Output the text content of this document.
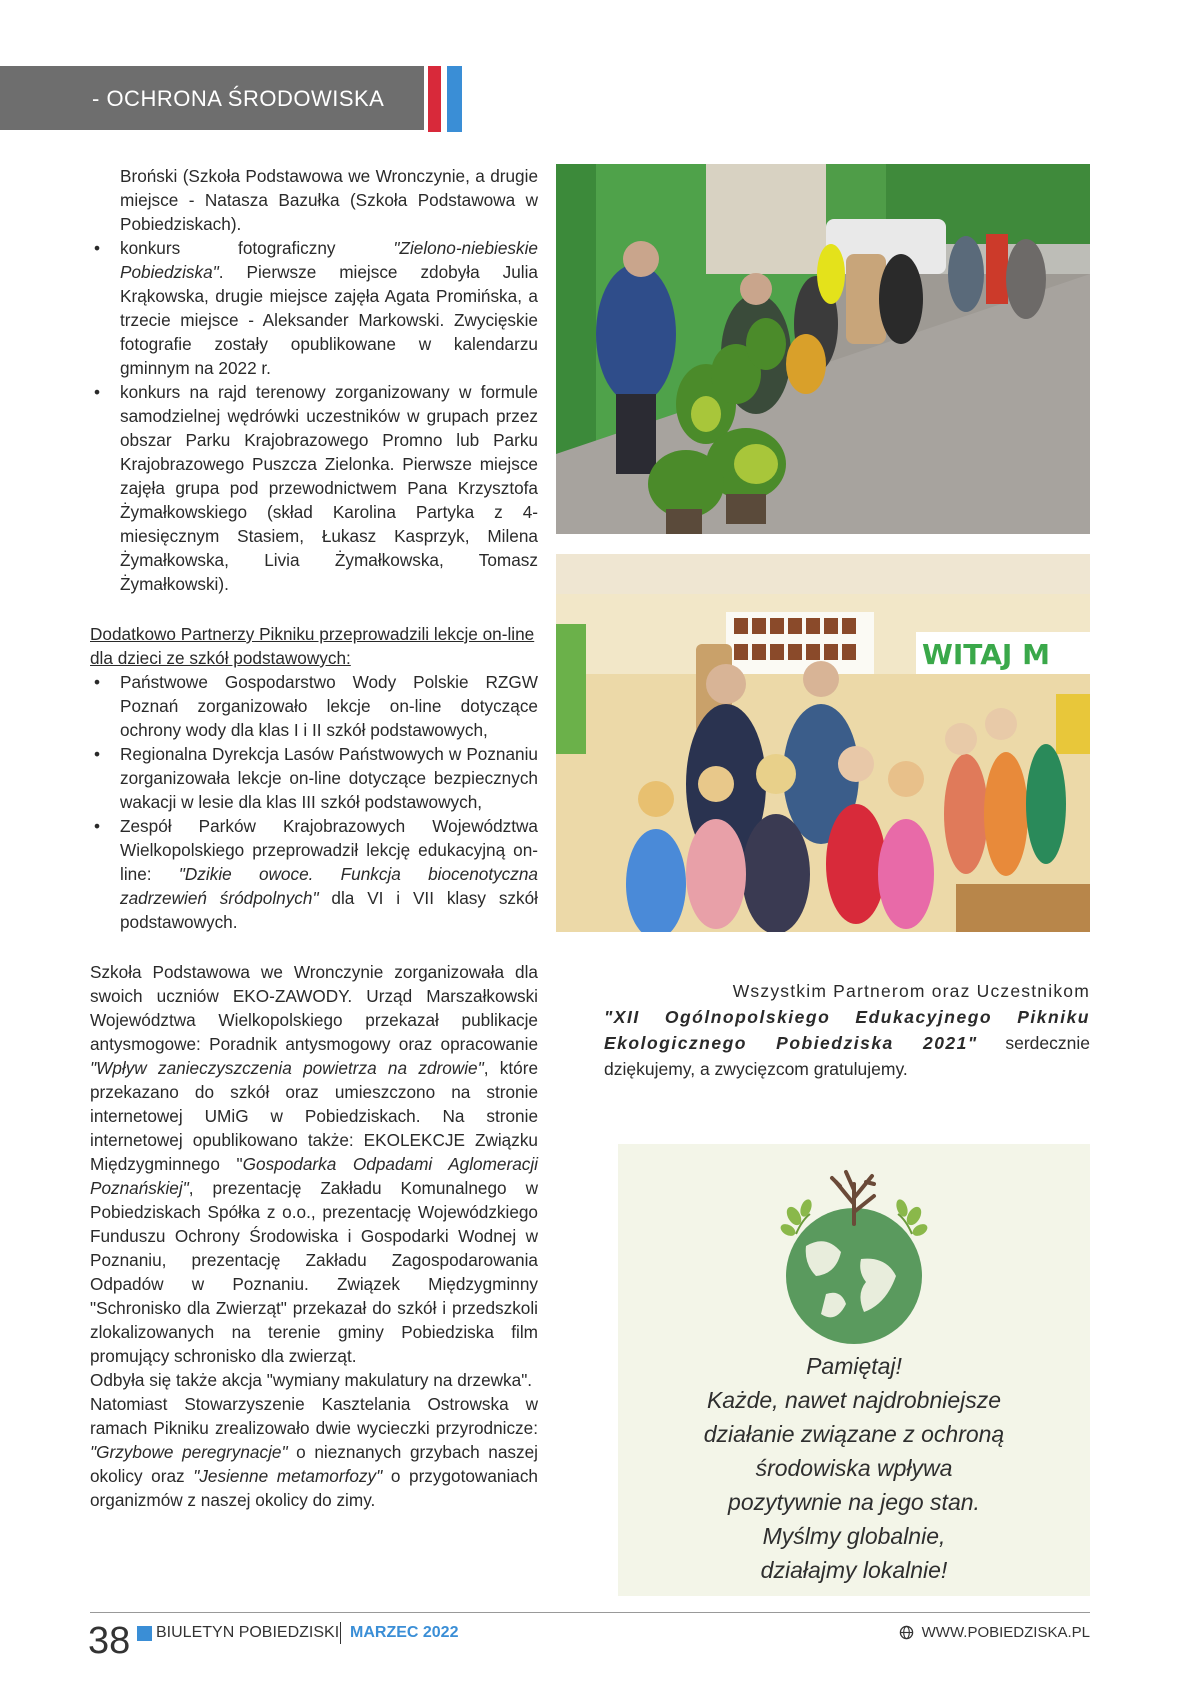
- OCHRONA ŚRODOWISKA

Broński (Szkoła Podstawowa we Wronczynie, a drugie miejsce - Natasza Bazułka (Szkoła Podstawowa w Pobiedziskach).

• konkurs fotograficzny "Zielono-niebieskie Pobiedziska". Pierwsze miejsce zdobyła Julia Krąkowska, drugie miejsce zajęła Agata Promińska, a trzecie miejsce - Aleksander Markowski. Zwycięskie fotografie zostały opublikowane w kalendarzu gminnym na 2022 r.

• konkurs na rajd terenowy zorganizowany w formule samodzielnej wędrówki uczestników w grupach przez obszar Parku Krajobrazowego Promno lub Parku Krajobrazowego Puszcza Zielonka. Pierwsze miejsce zajęła grupa pod przewodnictwem Pana Krzysztofa Żymałkowskiego (skład Karolina Partyka z 4-miesięcznym Stasiem, Łukasz Kasprzyk, Milena Żymałkowska, Livia Żymałkowska, Tomasz Żymałkowski).

Dodatkowo Partnerzy Pikniku przeprowadzili lekcje on-line dla dzieci ze szkół podstawowych:

• Państwowe Gospodarstwo Wody Polskie RZGW Poznań zorganizowało lekcje on-line dotyczące ochrony wody dla klas I i II szkół podstawowych,

• Regionalna Dyrekcja Lasów Państwowych w Poznaniu zorganizowała lekcje on-line dotyczące bezpiecznych wakacji w lesie dla klas III szkół podstawowych,

• Zespół Parków Krajobrazowych Województwa Wielkopolskiego przeprowadził lekcję edukacyjną on-line: "Dzikie owoce. Funkcja biocenotyczna zadrzewień śródpolnych" dla VI i VII klasy szkół podstawowych.

Szkoła Podstawowa we Wronczynie zorganizowała dla swoich uczniów EKO-ZAWODY. Urząd Marszałkowski Województwa Wielkopolskiego przekazał publikacje antysmogowe: Poradnik antysmogowy oraz opracowanie "Wpływ zanieczyszczenia powietrza na zdrowie", które przekazano do szkół oraz umieszczono na stronie internetowej UMiG w Pobiedziskach. Na stronie internetowej opublikowano także: EKOLEKCJE Związku Międzygminnego "Gospodarka Odpadami Aglomeracji Poznańskiej", prezentację Zakładu Komunalnego w Pobiedziskach Spółka z o.o., prezentację Wojewódzkiego Funduszu Ochrony Środowiska i Gospodarki Wodnej w Poznaniu, prezentację Zakładu Zagospodarowania Odpadów w Poznaniu. Związek Międzygminny "Schronisko dla Zwierząt" przekazał do szkół i przedszkoli zlokalizowanych na terenie gminy Pobiedziska film promujący schronisko dla zwierząt.

Odbyła się także akcja "wymiany makulatury na drzewka".

Natomiast Stowarzyszenie Kasztelania Ostrowska w ramach Pikniku zrealizowało dwie wycieczki przyrodnicze: "Grzybowe peregrynacje" o nieznanych grzybach naszej okolicy oraz "Jesienne metamorfozy" o przygotowaniach organizmów z naszej okolicy do zimy.

WITAJ M
Wszystkim Partnerom oraz Uczestnikom
"XII Ogólnopolskiego Edukacyjnego Pikniku Ekologicznego Pobiedziska 2021" serdecznie dziękujemy, a zwycięzcom gratulujemy.
Pamiętaj!
Każde, nawet najdrobniejsze
działanie związane z ochroną
środowiska wpływa
pozytywnie na jego stan.
Myślmy globalnie,
działajmy lokalnie!
38 BIULETYN POBIEDZISKI MARZEC 2022	WWW.POBIEDZISKA.PL
